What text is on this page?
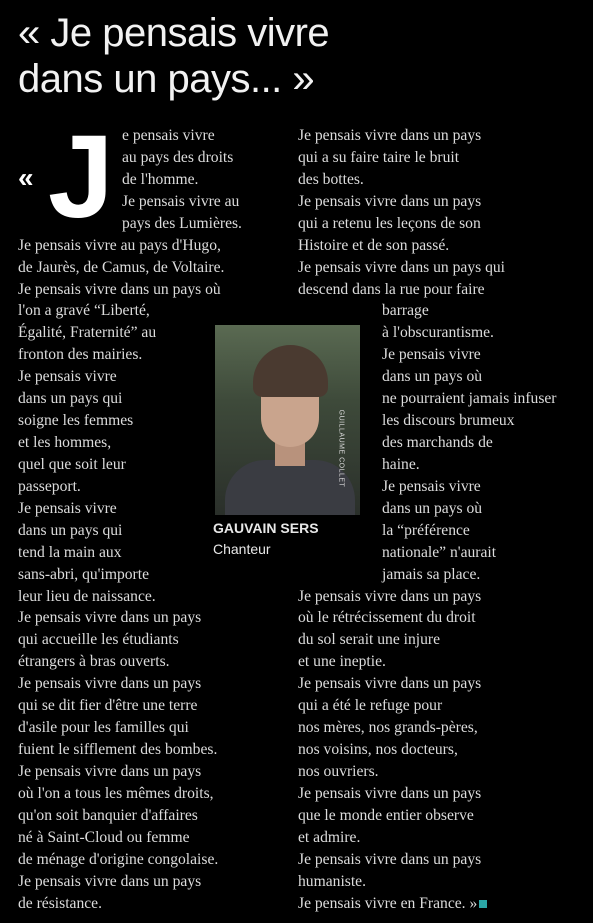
« Je pensais vivre
dans un pays... »
« J e pensais vivre
au pays des droits
de l'homme.
Je pensais vivre au
pays des Lumières.
Je pensais vivre au pays d'Hugo,
de Jaurès, de Camus, de Voltaire.
Je pensais vivre dans un pays où
l'on a gravé “Liberté,
Égalité, Fraternité” au
fronton des mairies.
Je pensais vivre
dans un pays qui
soigne les femmes
et les hommes,
quel que soit leur
passeport.
Je pensais vivre
dans un pays qui
tend la main aux
sans-abri, qu'importe
leur lieu de naissance.
Je pensais vivre dans un pays
qui accueille les étudiants
étrangers à bras ouverts.
Je pensais vivre dans un pays
qui se dit fier d'être une terre
d'asile pour les familles qui
fuient le sifflement des bombes.
Je pensais vivre dans un pays
où l'on a tous les mêmes droits,
qu'on soit banquier d'affaires
né à Saint-Cloud ou femme
de ménage d'origine congolaise.
Je pensais vivre dans un pays
de résistance.
Je pensais vivre dans un pays
qui a su faire taire le bruit
des bottes.
Je pensais vivre dans un pays
qui a retenu les leçons de son
Histoire et de son passé.
Je pensais vivre dans un pays qui
descend dans la rue pour faire
barrage
à l'obscurantisme.
Je pensais vivre
dans un pays où
ne pourraient jamais infuser
les discours brumeux
des marchands de
haine.
Je pensais vivre
dans un pays où
la “préférence
nationale” n'aurait
jamais sa place.
Je pensais vivre dans un pays
où le rétrécissement du droit
du sol serait une injure
et une ineptie.
Je pensais vivre dans un pays
qui a été le refuge pour
nos mères, nos grands-pères,
nos voisins, nos docteurs,
nos ouvriers.
Je pensais vivre dans un pays
que le monde entier observe
et admire.
Je pensais vivre dans un pays
humaniste.
Je pensais vivre en France. »
GUILLAUME COLLET
GAUVAIN SERS
Chanteur
